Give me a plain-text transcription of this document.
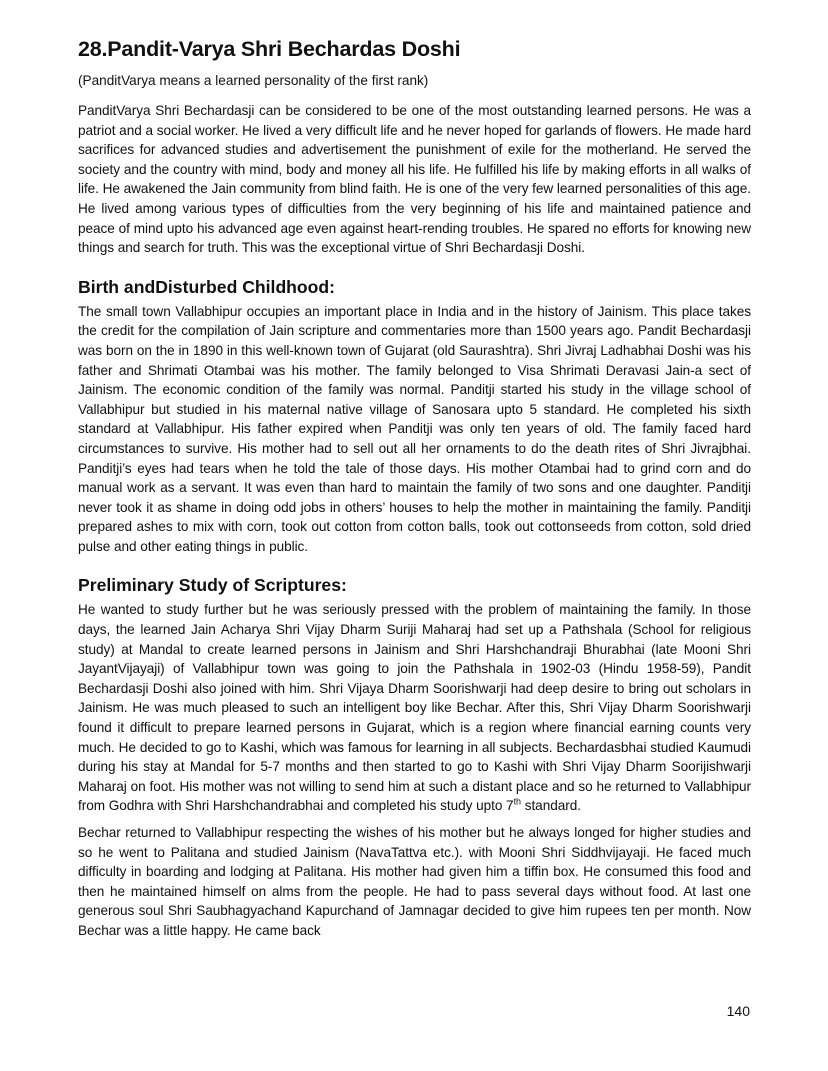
28.Pandit-Varya Shri Bechardas Doshi
(PanditVarya means a learned personality of the first rank)

PanditVarya Shri Bechardasji can be considered to be one of the most outstanding learned persons. He was a patriot and a social worker. He lived a very difficult life and he never hoped for garlands of flowers. He made hard sacrifices for advanced studies and advertisement the punishment of exile for the motherland. He served the society and the country with mind, body and money all his life. He fulfilled his life by making efforts in all walks of life. He awakened the Jain community from blind faith. He is one of the very few learned personalities of this age. He lived among various types of difficulties from the very beginning of his life and maintained patience and peace of mind upto his advanced age even against heart-rending troubles. He spared no efforts for knowing new things and search for truth. This was the exceptional virtue of Shri Bechardasji Doshi.

Birth andDisturbed Childhood:

The small town Vallabhipur occupies an important place in India and in the history of Jainism. This place takes the credit for the compilation of Jain scripture and commentaries more than 1500 years ago. Pandit Bechardasji was born on the in 1890 in this well-known town of Gujarat (old Saurashtra). Shri Jivraj Ladhabhai Doshi was his father and Shrimati Otambai was his mother. The family belonged to Visa Shrimati Deravasi Jain-a sect of Jainism. The economic condition of the family was normal. Panditji started his study in the village school of Vallabhipur but studied in his maternal native village of Sanosara upto 5 standard. He completed his sixth standard at Vallabhipur. His father expired when Panditji was only ten years of old. The family faced hard circumstances to survive. His mother had to sell out all her ornaments to do the death rites of Shri Jivrajbhai. Panditji’s eyes had tears when he told the tale of those days. His mother Otambai had to grind corn and do manual work as a servant. It was even than hard to maintain the family of two sons and one daughter. Panditji never took it as shame in doing odd jobs in others’ houses to help the mother in maintaining the family. Panditji prepared ashes to mix with corn, took out cotton from cotton balls, took out cottonseeds from cotton, sold dried pulse and other eating things in public.

Preliminary Study of Scriptures:

He wanted to study further but he was seriously pressed with the problem of maintaining the family. In those days, the learned Jain Acharya Shri Vijay Dharm Suriji Maharaj had set up a Pathshala (School for religious study) at Mandal to create learned persons in Jainism and Shri Harshchandraji Bhurabhai (late Mooni Shri JayantVijayaji) of Vallabhipur town was going to join the Pathshala in 1902-03 (Hindu 1958-59), Pandit Bechardasji Doshi also joined with him. Shri Vijaya Dharm Soorishwarji had deep desire to bring out scholars in Jainism. He was much pleased to such an intelligent boy like Bechar. After this, Shri Vijay Dharm Soorishwarji found it difficult to prepare learned persons in Gujarat, which is a region where financial earning counts very much. He decided to go to Kashi, which was famous for learning in all subjects. Bechardasbhai studied Kaumudi during his stay at Mandal for 5-7 months and then started to go to Kashi with Shri Vijay Dharm Soorijishwarji Maharaj on foot. His mother was not willing to send him at such a distant place and so he returned to Vallabhipur from Godhra with Shri Harshchandrabhai and completed his study upto 7th standard.

Bechar returned to Vallabhipur respecting the wishes of his mother but he always longed for higher studies and so he went to Palitana and studied Jainism (NavaTattva etc.). with Mooni Shri Siddhvijayaji. He faced much difficulty in boarding and lodging at Palitana. His mother had given him a tiffin box. He consumed this food and then he maintained himself on alms from the people. He had to pass several days without food. At last one generous soul Shri Saubhagyachand Kapurchand of Jamnagar decided to give him rupees ten per month. Now Bechar was a little happy. He came back

140
